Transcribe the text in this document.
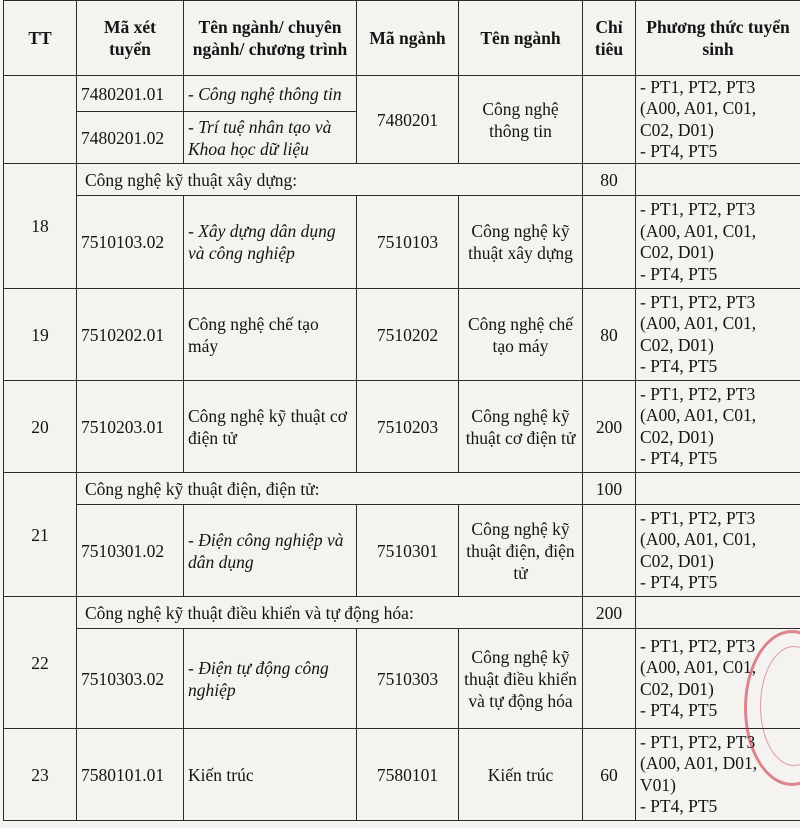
TT	Mã xét tuyển	Tên ngành/ chuyên ngành/ chương trình	Mã ngành	Tên ngành	Chỉ tiêu	Phương thức tuyển sinh
	7480201.01	- Công nghệ thông tin	7480201	Công nghệ thông tin		- PT1, PT2, PT3
(A00, A01, C01,
C02, D01)
- PT4, PT5

	7480201.02	- Trí tuệ nhân tạo và Khoa học dữ liệu				
18	Công nghệ kỹ thuật xây dựng:				80	
	7510103.02	- Xây dựng dân dụng và công nghiệp	7510103	Công nghệ kỹ thuật xây dựng		- PT1, PT2, PT3
(A00, A01, C01,
C02, D01)
- PT4, PT5

19	7510202.01	Công nghệ chế tạo máy	7510202	Công nghệ chế tạo máy	80	- PT1, PT2, PT3
(A00, A01, C01,
C02, D01)
- PT4, PT5

20	7510203.01	Công nghệ kỹ thuật cơ điện tử	7510203	Công nghệ kỹ thuật cơ điện tử	200	- PT1, PT2, PT3
(A00, A01, C01,
C02, D01)
- PT4, PT5

21	Công nghệ kỹ thuật điện, điện tử:				100	
	7510301.02	- Điện công nghiệp và dân dụng	7510301	Công nghệ kỹ thuật điện, điện tử		- PT1, PT2, PT3
(A00, A01, C01,
C02, D01)
- PT4, PT5

22	Công nghệ kỹ thuật điều khiển và tự động hóa:				200	
	7510303.02	- Điện tự động công nghiệp	7510303	Công nghệ kỹ thuật điều khiển và tự động hóa		- PT1, PT2, PT3
(A00, A01, C01,
C02, D01)
- PT4, PT5

23	7580101.01	Kiến trúc	7580101	Kiến trúc	60	- PT1, PT2, PT3
(A00, A01, D01,
V01)
- PT4, PT5
